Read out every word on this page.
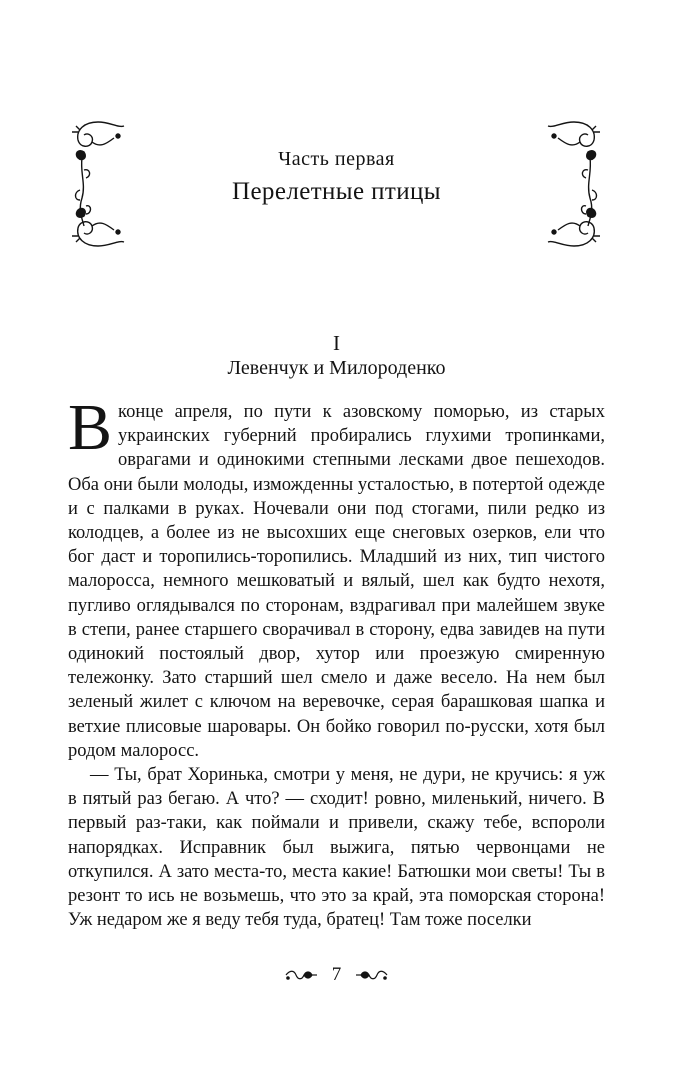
Часть первая
Перелетные птицы
I
Левенчук и Милороденко

В конце апреля, по пути к азовскому поморью, из старых украинских губерний пробирались глухими тропинками, оврагами и одинокими степными лесками двое пешеходов. Оба они были молоды, изможденны усталостью, в потертой одежде и с палками в руках. Ночевали они под стогами, пили редко из колодцев, а более из не высохших еще снеговых озерков, ели что бог даст и торопились-торопились. Младший из них, тип чистого малоросса, немного мешковатый и вялый, шел как будто нехотя, пугливо оглядывался по сторонам, вздрагивал при малейшем звуке в степи, ранее старшего сворачивал в сторону, едва завидев на пути одинокий постоялый двор, хутор или проезжую смиренную тележонку. Зато старший шел смело и даже весело. На нем был зеленый жилет с ключом на веревочке, серая барашковая шапка и ветхие плисовые шаровары. Он бойко говорил по-русски, хотя был родом малоросс.

— Ты, брат Хоринька, смотри у меня, не дури, не кручись: я уж в пятый раз бегаю. А что? — сходит! ровно, миленький, ничего. В первый раз-таки, как поймали и привели, скажу тебе, вспороли напорядках. Исправник был выжига, пятью червонцами не откупился. А зато места-то, места какие! Батюшки мои светы! Ты в резонт то ись не возьмешь, что это за край, эта поморская сторона! Уж недаром же я веду тебя туда, братец! Там тоже поселки

7
